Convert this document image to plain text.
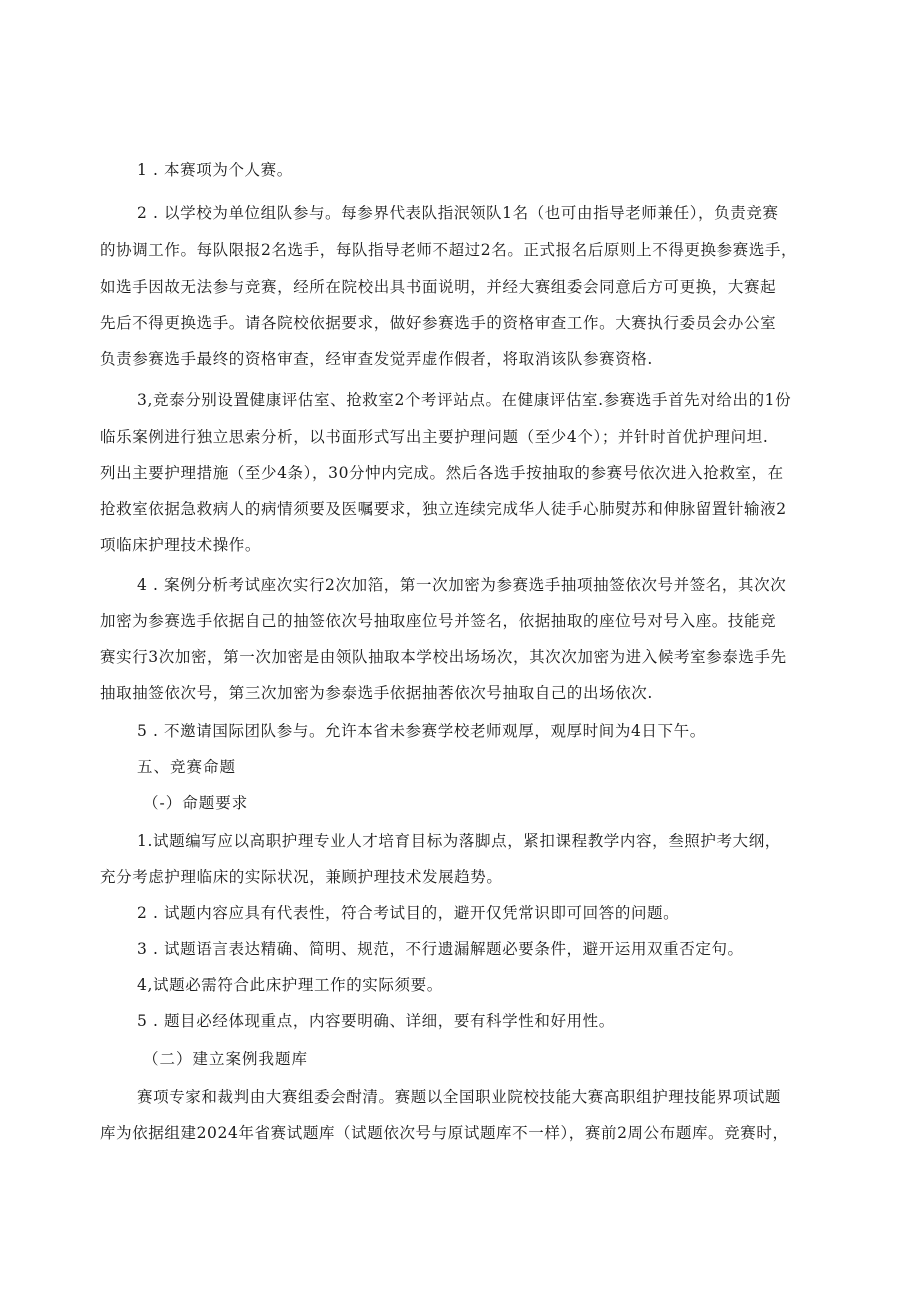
1 . 本赛项为个人赛。
2 . 以学校为单位组队参与。每参界代表队指泯领队1名（也可由指导老师兼任），负责竞赛
的协调工作。每队限报2名选手，每队指导老师不超过2名。正式报名后原则上不得更换参赛选手，
如选手因故无法参与竞赛，经所在院校出具书面说明，并经大赛组委会同意后方可更换，大赛起
先后不得更换选手。请各院校依据要求，做好参赛选手的资格审查工作。大赛执行委员会办公室
负责参赛选手最终的资格审查，经审查发觉弄虚作假者，将取消该队参赛资格.
3,竞泰分别设置健康评估室、抢救室2个考评站点。在健康评估室.参赛选手首先对给出的1份
临乐案例进行独立思索分析，以书面形式写出主要护理问题（至少4个）；并针时首优护理问坦.
列出主要护理措施（至少4条），30分忡内完成。然后各选手按抽取的参赛号依次进入抢救室，在
抢救室依据急救病人的病情须要及医嘱要求，独立连续完成华人徒手心肺熨苏和伸脉留置针输液2
项临床护理技术操作。
4 . 案例分析考试座次实行2次加箔，第一次加密为参赛选手抽项抽签依次号并签名，其次次
加密为参赛选手依据自己的抽签依次号抽取座位号并签名，依据抽取的座位号对号入座。技能竞
赛实行3次加密，第一次加密是由领队抽取本学校出场场次，其次次加密为进入候考室参泰选手先
抽取抽签依次号，第三次加密为参泰选手依据抽莕依次号抽取自己的出场依次.
5 . 不邀请国际团队参与。允许本省未参赛学校老师观厚，观厚时间为4日下午。
五、竞赛命题
（-）命题要求
1.试题编写应以高职护理专业人才培育目标为落脚点，紧扣课程教学内容，叁照护考大纲，
充分考虑护理临床的实际状况，兼顾护理技术发展趋势。
2 . 试题内容应具有代表性，符合考试目的，避开仅凭常识即可回答的问题。
3 . 试题语言表达精确、简明、规范，不行遗漏解题必要条件，避开运用双重否定句。
4,试题必需符合此床护理工作的实际须要。
5 . 题目必经体现重点，内容要明确、详细，要有科学性和好用性。
（二）建立案例我题库
赛项专家和裁判由大赛组委会酎清。赛题以全国职业院校技能大赛高职组护理技能界项试题
库为依据组建2024年省赛试题库（试题依次号与原试题库不一样），赛前2周公布题库。竞赛时，
